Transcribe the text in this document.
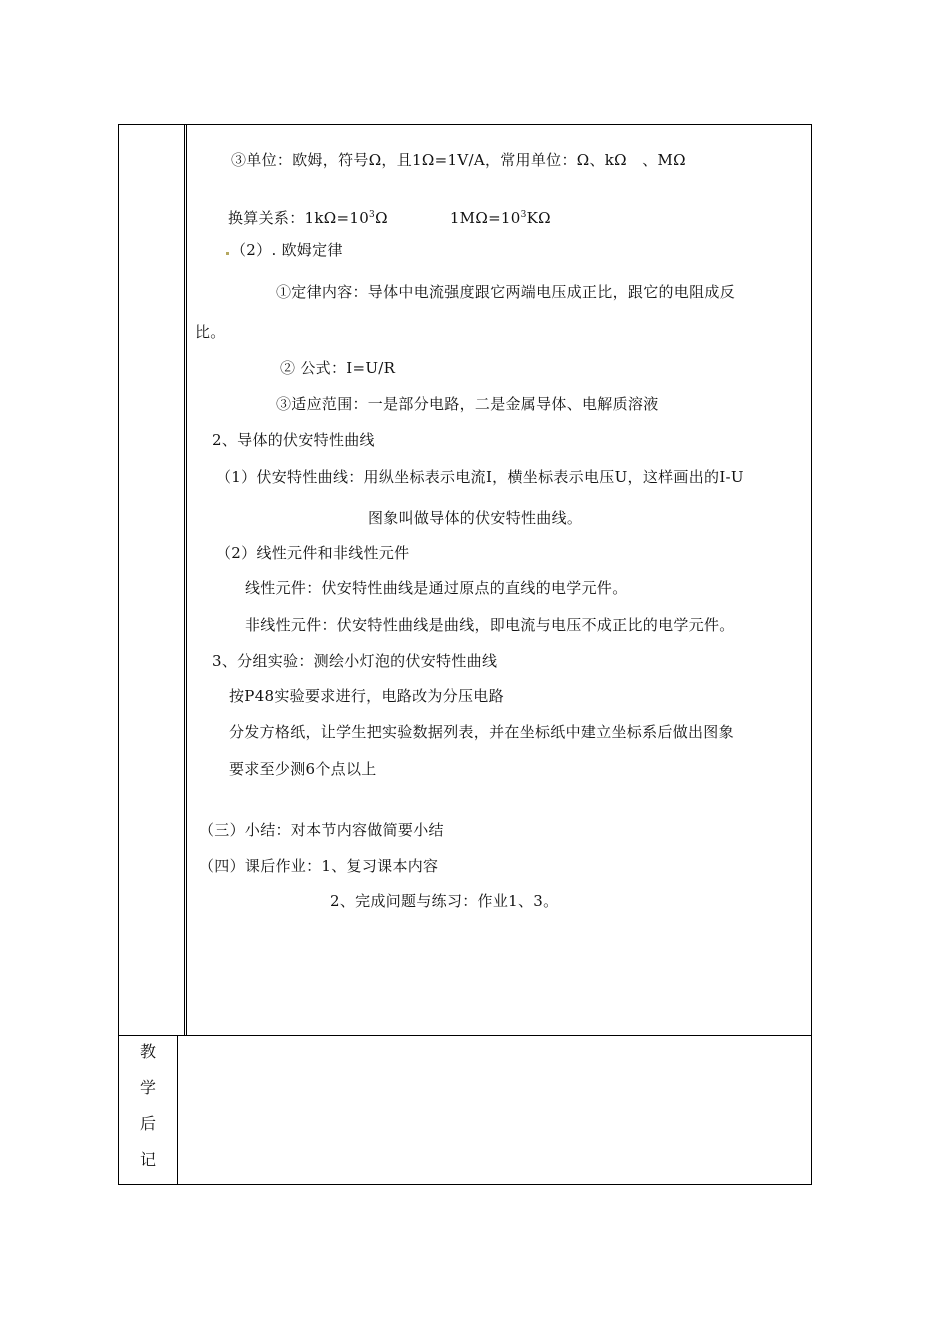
③单位：欧姆，符号Ω，且1Ω=1V/A，常用单位：Ω、kΩ　、MΩ
换算关系：$1k\Omega=10^3\Omega$	$1M\Omega=10^3K\Omega$
（2）. 欧姆定律
①定律内容：导体中电流强度跟它两端电压成正比，跟它的电阻成反
比。
② 公式：I=U/R
③适应范围：一是部分电路，二是金属导体、电解质溶液
2、导体的伏安特性曲线
（1）伏安特性曲线：用纵坐标表示电流I，横坐标表示电压U，这样画出的I-U
图象叫做导体的伏安特性曲线。
（2）线性元件和非线性元件
线性元件：伏安特性曲线是通过原点的直线的电学元件。
非线性元件：伏安特性曲线是曲线，即电流与电压不成正比的电学元件。
3、分组实验：测绘小灯泡的伏安特性曲线
按P48实验要求进行，电路改为分压电路
分发方格纸，让学生把实验数据列表，并在坐标纸中建立坐标系后做出图象
要求至少测6个点以上
（三）小结：对本节内容做简要小结
（四）课后作业：1、复习课本内容
2、完成问题与练习：作业1、3。
教
学
后
记
